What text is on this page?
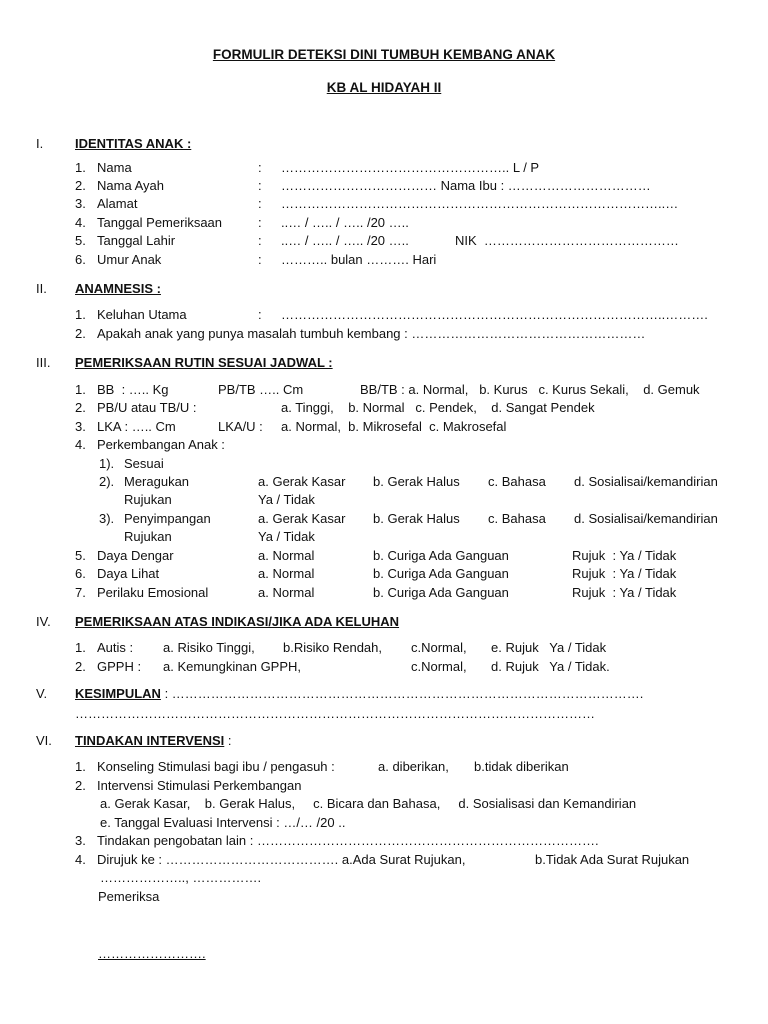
FORMULIR DETEKSI DINI TUMBUH KEMBANG ANAK
KB AL HIDAYAH II
I. IDENTITAS ANAK :
1. Nama	: …………………………………………….. L / P
2. Nama Ayah	: ……………………………… Nama Ibu : ……………………………
3. Alamat	: ……………………………………………………………………………..…
4. Tanggal Pemeriksaan	: ..… / ….. / ….. /20 …..
5. Tanggal Lahir	: ..… / ….. / ….. /20 …..	NIK  ………………………………………
6. Umur Anak	: ……….. bulan ………. Hari
II. ANAMNESIS :
1. Keluhan Utama	: ……………………………………………………………………………..……….
2. Apakah anak yang punya masalah tumbuh kembang : ………………………………………………
III. PEMERIKSAAN RUTIN SESUAI JADWAL :
1. BB  : ….. Kg	PB/TB ….. Cm	BB/TB : a. Normal,   b. Kurus   c. Kurus Sekali,    d. Gemuk
2. PB/U atau TB/U :	a. Tinggi,    b. Normal   c. Pendek,    d. Sangat Pendek
3. LKA : ….. Cm	LKA/U : a. Normal,  b. Mikrosefal  c. Makrosefal
4. Perkembangan Anak :
1). Sesuai
2). Meragukan	a. Gerak Kasar b. Gerak Halus c. Bahasa d. Sosialisai/kemandirian
Rujukan	Ya / Tidak
3). Penyimpangan	a. Gerak Kasar b. Gerak Halus c. Bahasa d. Sosialisai/kemandirian
Rujukan	Ya / Tidak
5. Daya Dengar	a. Normal	b. Curiga Ada Ganguan	Rujuk  : Ya / Tidak
6. Daya Lihat	a. Normal	b. Curiga Ada Ganguan	Rujuk  : Ya / Tidak
7. Perilaku Emosional	a. Normal	b. Curiga Ada Ganguan	Rujuk  : Ya / Tidak
IV. PEMERIKSAAN ATAS INDIKASI/JIKA ADA KELUHAN
1. Autis : a. Risiko Tinggi, b.Risiko Rendah, c.Normal, e. Rujuk   Ya / Tidak
2. GPPH : a. Kemungkinan GPPH,	c.Normal, d. Rujuk   Ya / Tidak.
V. KESIMPULAN : ……………………………………………………………………………………………….
…………………………………………………………………………………………………………
VI. TINDAKAN INTERVENSI :
1. Konseling Stimulasi bagi ibu / pengasuh :	a. diberikan, b.tidak diberikan
2. Intervensi Stimulasi Perkembangan
a. Gerak Kasar,    b. Gerak Halus,     c. Bicara dan Bahasa,     d. Sosialisasi dan Kemandirian
e. Tanggal Evaluasi Intervensi : …/… /20 ..
3. Tindakan pengobatan lain : …………………………………………………………………….
4. Dirujuk ke : …………………………………. a.Ada Surat Rujukan,	b.Tidak Ada Surat Rujukan
……………….., …………….
Pemeriksa
…………………….
